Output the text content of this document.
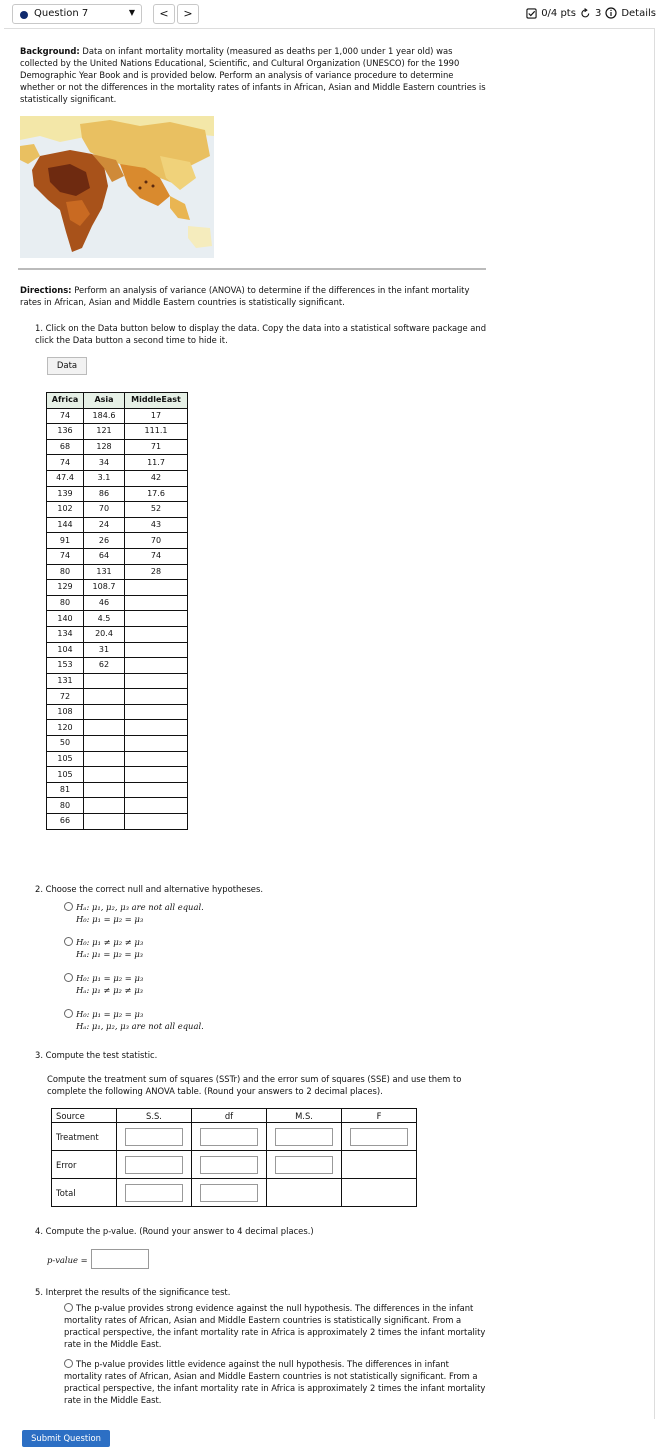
Question 7	▼	<	>	0/4 pts 3 Details
Background: Data on infant mortality mortality (measured as deaths per 1,000 under 1 year old) was collected by the United Nations Educational, Scientific, and Cultural Organization (UNESCO) for the 1990 Demographic Year Book and is provided below. Perform an analysis of variance procedure to determine whether or not the differences in the mortality rates of infants in African, Asian and Middle Eastern countries is statistically significant.
Directions: Perform an analysis of variance (ANOVA) to determine if the differences in the infant mortality rates in African, Asian and Middle Eastern countries is statistically significant.
1. Click on the Data button below to display the data. Copy the data into a statistical software package and click the Data button a second time to hide it.
Data
Africa	Asia	MiddleEast
74	184.6	17
136	121	111.1
68	128	71
74	34	11.7
47.4	3.1	42
139	86	17.6
102	70	52
144	24	43
91	26	70
74	64	74
80	131	28
129	108.7	
80	46	
140	4.5	
134	20.4	
104	31	
153	62	
131		
72		
108		
120		
50		
105		
105		
81		
80		
66		
2. Choose the correct null and alternative hypotheses.
Hₐ: μ₁, μ₂, μ₃ are not all equal.
H₀: μ₁ = μ₂ = μ₃
H₀: μ₁ ≠ μ₂ ≠ μ₃
Hₐ: μ₁ = μ₂ = μ₃
H₀: μ₁ = μ₂ = μ₃
Hₐ: μ₁ ≠ μ₂ ≠ μ₃
H₀: μ₁ = μ₂ = μ₃
Hₐ: μ₁, μ₂, μ₃ are not all equal.
3. Compute the test statistic.
Compute the treatment sum of squares (SSTr) and the error sum of squares (SSE) and use them to complete the following ANOVA table. (Round your answers to 2 decimal places).
Source	S.S.	df	M.S.	F
Treatment	

Error	

Total	

4. Compute the p-value. (Round your answer to 4 decimal places.)
p-value =
5. Interpret the results of the significance test.
The p-value provides strong evidence against the null hypothesis. The differences in the infant mortality rates of African, Asian and Middle Eastern countries is statistically significant. From a practical perspective, the infant mortality rate in Africa is approximately 2 times the infant mortality rate in the Middle East.
The p-value provides little evidence against the null hypothesis. The differences in infant mortality rates of African, Asian and Middle Eastern countries is not statistically significant. From a practical perspective, the infant mortality rate in Africa is approximately 2 times the infant mortality rate in the Middle East.
Submit Question
